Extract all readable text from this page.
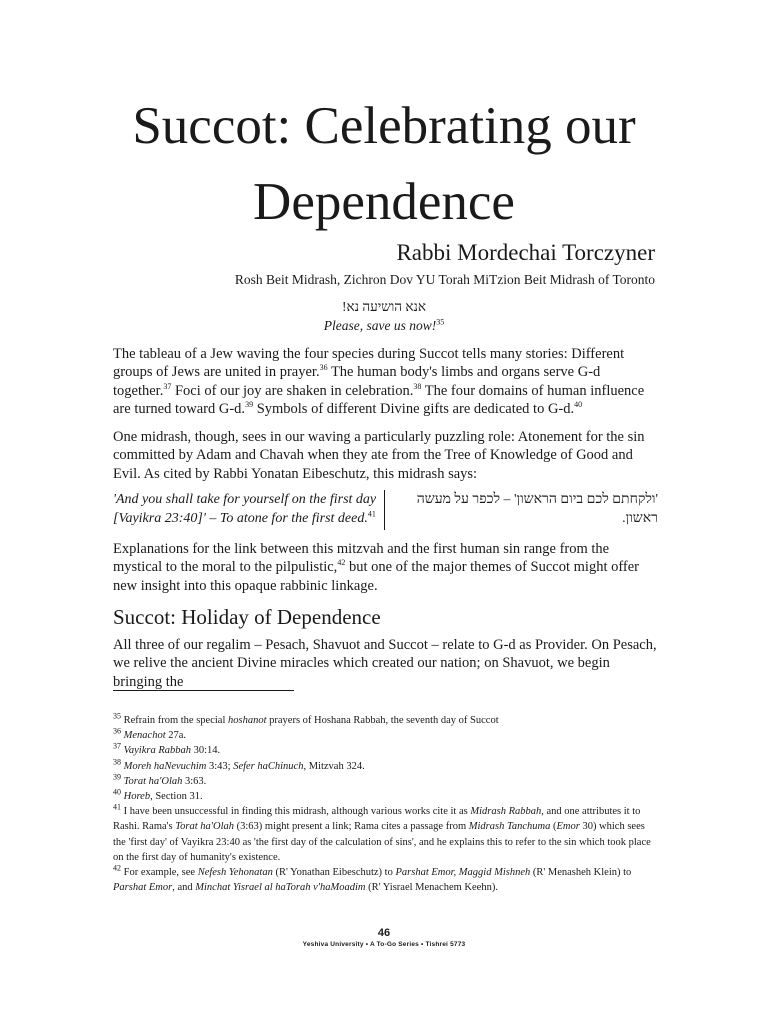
Succot: Celebrating our Dependence
Rabbi Mordechai Torczyner
Rosh Beit Midrash, Zichron Dov YU Torah MiTzion Beit Midrash of Toronto
אנא הושיעה נא!
Please, save us now!$^{35}$

The tableau of a Jew waving the four species during Succot tells many stories: Different groups of Jews are united in prayer.$^{36}$ The human body's limbs and organs serve G-d together.$^{37}$ Foci of our joy are shaken in celebration.$^{38}$ The four domains of human influence are turned toward G-d.$^{39}$ Symbols of different Divine gifts are dedicated to G-d.$^{40}$

One midrash, though, sees in our waving a particularly puzzling role: Atonement for the sin committed by Adam and Chavah when they ate from the Tree of Knowledge of Good and Evil. As cited by Rabbi Yonatan Eibeschutz, this midrash says:

'And you shall take for yourself on the first day [Vayikra 23:40]' – To atone for the first deed.$^{41}$
'ולקחתם לכם ביום הראשון' – לכפר על מעשה ראשון.

Explanations for the link between this mitzvah and the first human sin range from the mystical to the moral to the pilpulistic,$^{42}$ but one of the major themes of Succot might offer new insight into this opaque rabbinic linkage.

Succot: Holiday of Dependence

All three of our regalim – Pesach, Shavuot and Succot – relate to G-d as Provider. On Pesach, we relive the ancient Divine miracles which created our nation; on Shavuot, we begin bringing the

$^{35}$ Refrain from the special hoshanot prayers of Hoshana Rabbah, the seventh day of Succot

$^{36}$ Menachot 27a.

$^{37}$ Vayikra Rabbah 30:14.

$^{38}$ Moreh haNevuchim 3:43; Sefer haChinuch, Mitzvah 324.

$^{39}$ Torat ha'Olah 3:63.

$^{40}$ Horeb, Section 31.

$^{41}$ I have been unsuccessful in finding this midrash, although various works cite it as Midrash Rabbah, and one attributes it to Rashi. Rama's Torat ha'Olah (3:63) might present a link; Rama cites a passage from Midrash Tanchuma (Emor 30) which sees the 'first day' of Vayikra 23:40 as 'the first day of the calculation of sins', and he explains this to refer to the sin which took place on the first day of humanity's existence.

$^{42}$ For example, see Nefesh Yehonatan (R' Yonathan Eibeschutz) to Parshat Emor, Maggid Mishneh (R' Menasheh Klein) to Parshat Emor, and Minchat Yisrael al haTorah v'haMoadim (R' Yisrael Menachem Keehn).

46
Yeshiva University • A To-Go Series • Tishrei 5773
